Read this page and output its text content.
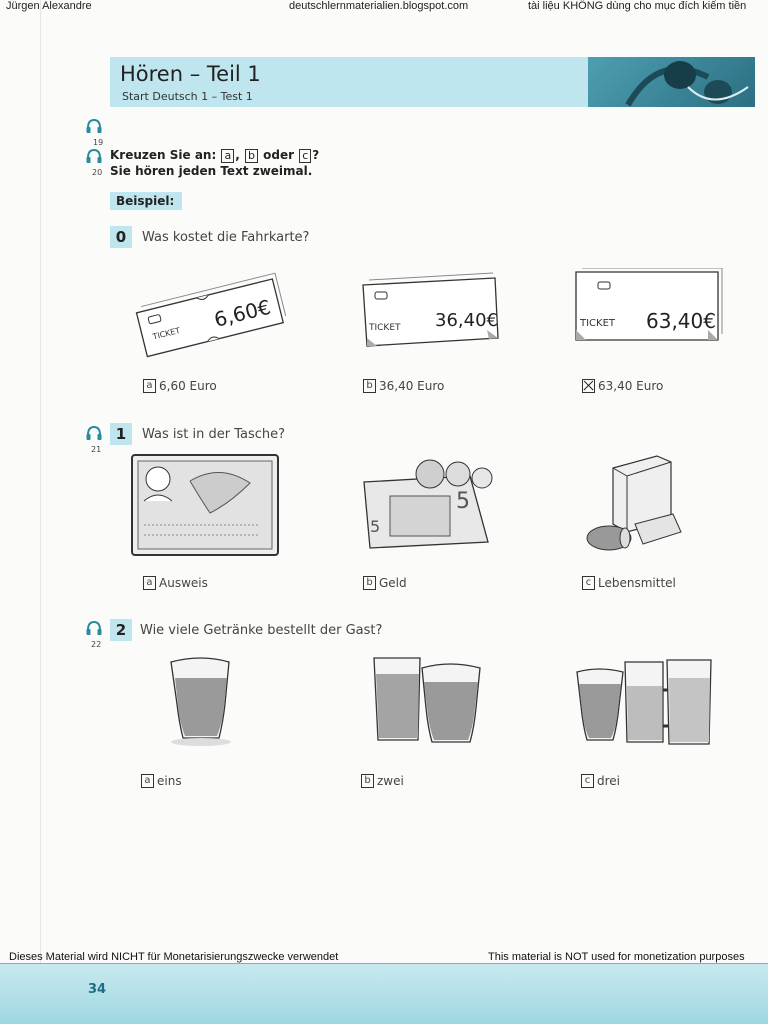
Jürgen Alexandre	deutschlernmaterialien.blogspot.com	tài liệu KHÔNG dùng cho mục đích kiếm tiền
Hören – Teil 1
Start Deutsch 1 – Test 1
19
20
Kreuzen Sie an: a , b oder c ?
Sie hören jeden Text zweimal.
Beispiel:
0	Was kostet die Fahrkarte?
TICKET
6,60€	TICKET 36,40€	TICKET 63,40€
a 6,60 Euro	b 36,40 Euro	63,40 Euro
21
1	Was ist in der Tasche?
5
5
a Ausweis	b Geld	c Lebensmittel
22
2	Wie viele Getränke bestellt der Gast?
a eins	b zwei	c drei
Dieses Material wird NICHT für Monetarisierungszwecke verwendet	This material is NOT used for monetization purposes
34
